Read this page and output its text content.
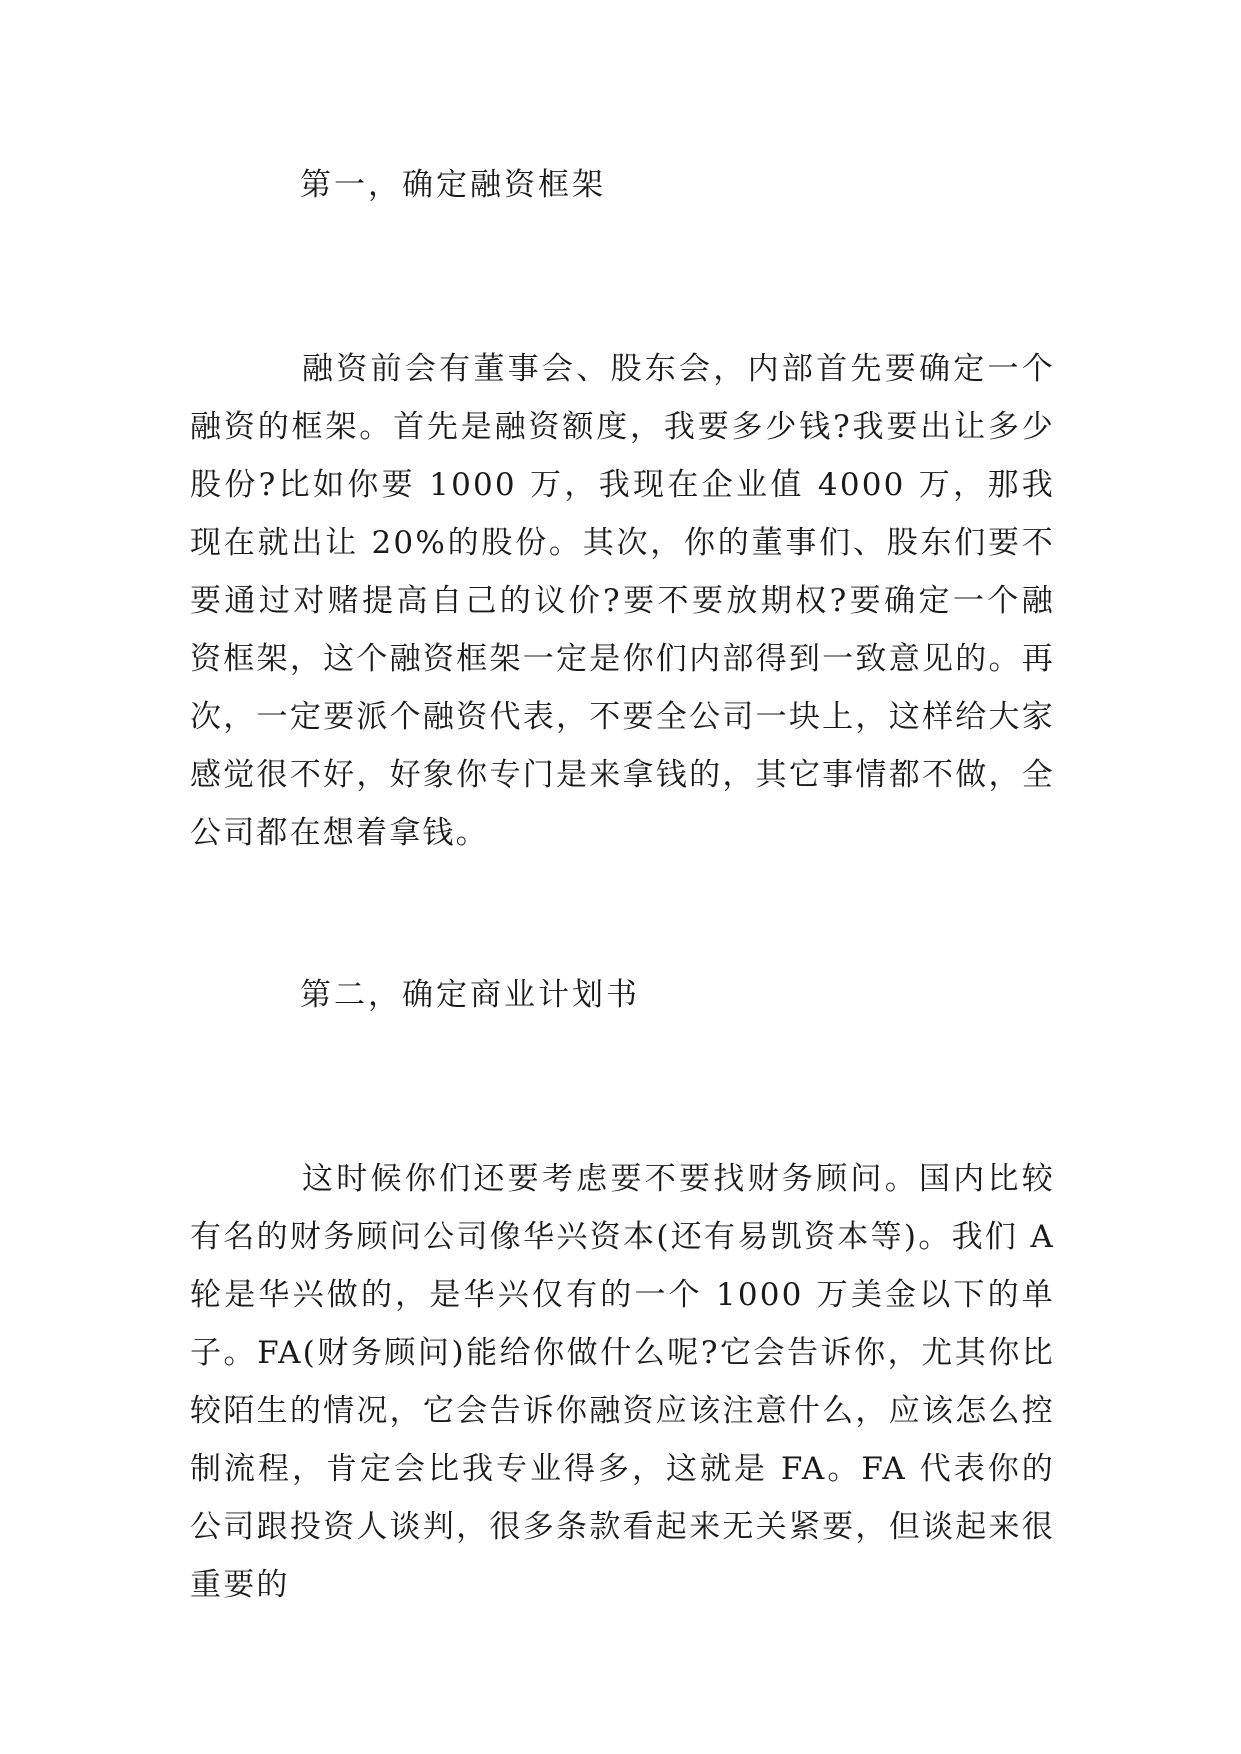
第一，确定融资框架
融资前会有董事会、股东会，内部首先要确定一个融资的框架。首先是融资额度，我要多少钱?我要出让多少股份?比如你要 1000 万，我现在企业值 4000 万，那我现在就出让 20%的股份。其次，你的董事们、股东们要不要通过对赌提高自己的议价?要不要放期权?要确定一个融资框架，这个融资框架一定是你们内部得到一致意见的。再次，一定要派个融资代表，不要全公司一块上，这样给大家感觉很不好，好象你专门是来拿钱的，其它事情都不做，全公司都在想着拿钱。
第二，确定商业计划书
这时候你们还要考虑要不要找财务顾问。国内比较有名的财务顾问公司像华兴资本(还有易凯资本等)。我们 A 轮是华兴做的，是华兴仅有的一个 1000 万美金以下的单子。FA(财务顾问)能给你做什么呢?它会告诉你，尤其你比较陌生的情况，它会告诉你融资应该注意什么，应该怎么控制流程，肯定会比我专业得多，这就是 FA。FA 代表你的公司跟投资人谈判，很多条款看起来无关紧要，但谈起来很重要的
